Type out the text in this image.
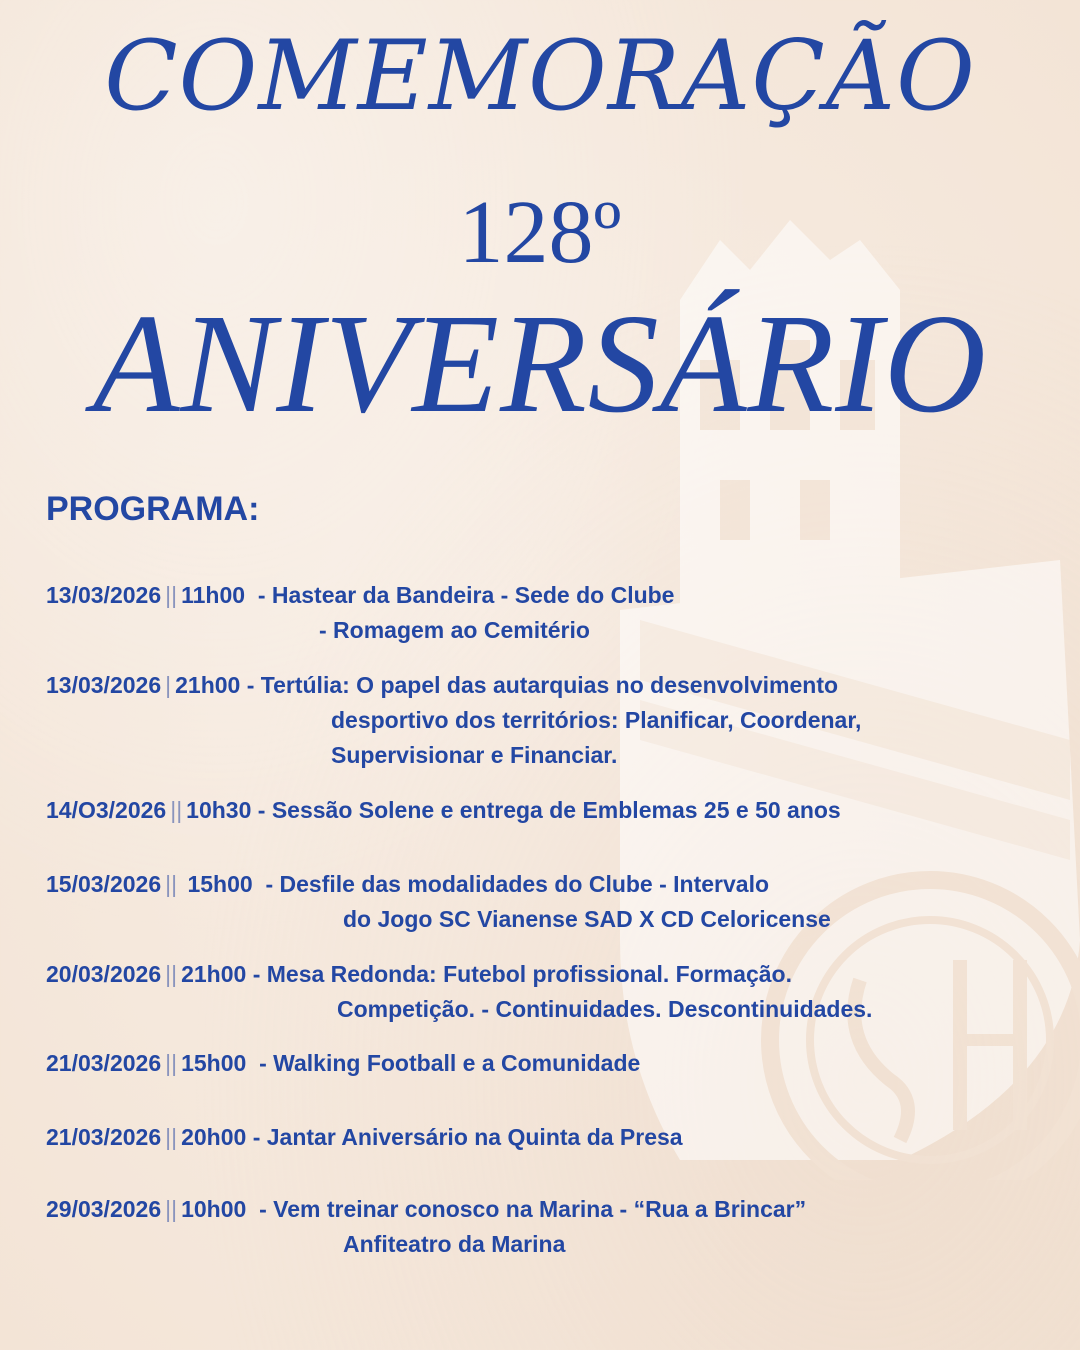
COMEMORAÇÃO
128º
ANIVERSÁRIO
PROGRAMA:
13/03/2026 || 11h00 - Hastear da Bandeira - Sede do Clube
- Romagem ao Cemitério
13/03/2026 | 21h00 - Tertúlia: O papel das autarquias no desenvolvimento
desportivo dos territórios: Planificar, Coordenar,
Supervisionar e Financiar.
14/O3/2026 || 10h30 - Sessão Solene e entrega de Emblemas 25 e 50 anos
15/03/2026 || 15h00 - Desfile das modalidades do Clube - Intervalo
do Jogo SC Vianense SAD X CD Celoricense
20/03/2026 || 21h00 - Mesa Redonda: Futebol profissional. Formação.
Competição. - Continuidades. Descontinuidades.
21/03/2026 || 15h00 - Walking Football e a Comunidade
21/03/2026 || 20h00 - Jantar Aniversário na Quinta da Presa
29/03/2026 || 10h00 - Vem treinar conosco na Marina - “Rua a Brincar”
Anfiteatro da Marina
